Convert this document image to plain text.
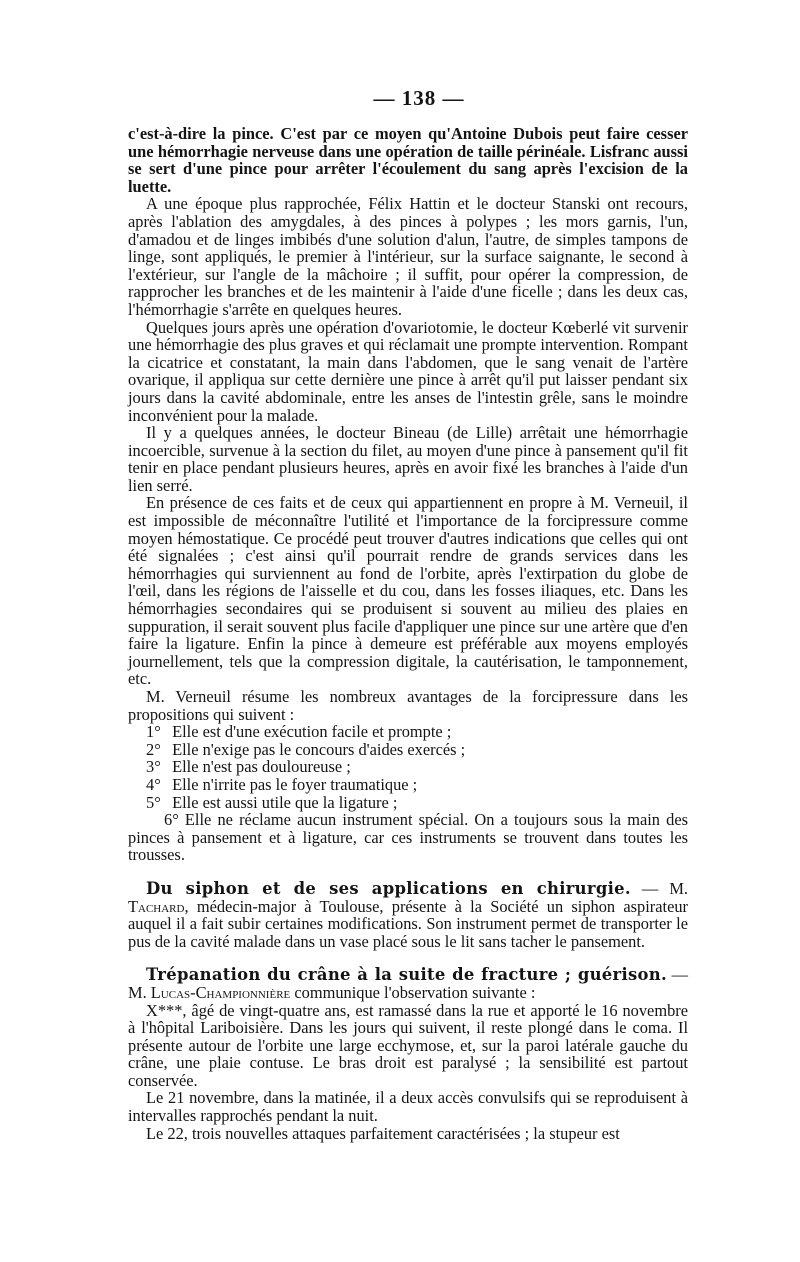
— 138 —

c'est-à-dire la pince. C'est par ce moyen qu'Antoine Dubois peut faire cesser une hémorrhagie nerveuse dans une opération de taille périnéale. Lisfranc aussi se sert d'une pince pour arrêter l'écoulement du sang après l'excision de la luette.

A une époque plus rapprochée, Félix Hattin et le docteur Stanski ont recours, après l'ablation des amygdales, à des pinces à polypes ; les mors garnis, l'un, d'amadou et de linges imbibés d'une solution d'alun, l'autre, de simples tampons de linge, sont appliqués, le premier à l'intérieur, sur la surface saignante, le second à l'extérieur, sur l'angle de la mâchoire ; il suffit, pour opérer la compression, de rapprocher les branches et de les maintenir à l'aide d'une ficelle ; dans les deux cas, l'hémorrhagie s'arrête en quelques heures.

Quelques jours après une opération d'ovariotomie, le docteur Kœberlé vit survenir une hémorrhagie des plus graves et qui réclamait une prompte intervention. Rompant la cicatrice et constatant, la main dans l'abdomen, que le sang venait de l'artère ovarique, il appliqua sur cette dernière une pince à arrêt qu'il put laisser pendant six jours dans la cavité abdominale, entre les anses de l'intestin grêle, sans le moindre inconvénient pour la malade.

Il y a quelques années, le docteur Bineau (de Lille) arrêtait une hémorrhagie incoercible, survenue à la section du filet, au moyen d'une pince à pansement qu'il fit tenir en place pendant plusieurs heures, après en avoir fixé les branches à l'aide d'un lien serré.

En présence de ces faits et de ceux qui appartiennent en propre à M. Verneuil, il est impossible de méconnaître l'utilité et l'importance de la forcipressure comme moyen hémostatique. Ce procédé peut trouver d'autres indications que celles qui ont été signalées ; c'est ainsi qu'il pourrait rendre de grands services dans les hémorrhagies qui surviennent au fond de l'orbite, après l'extirpation du globe de l'œil, dans les régions de l'aisselle et du cou, dans les fosses iliaques, etc. Dans les hémorrhagies secondaires qui se produisent si souvent au milieu des plaies en suppuration, il serait souvent plus facile d'appliquer une pince sur une artère que d'en faire la ligature. Enfin la pince à demeure est préférable aux moyens employés journellement, tels que la compression digitale, la cautérisation, le tamponnement, etc.

M. Verneuil résume les nombreux avantages de la forcipressure dans les propositions qui suivent :

1° Elle est d'une exécution facile et prompte ;

2° Elle n'exige pas le concours d'aides exercés ;

3° Elle n'est pas douloureuse ;

4° Elle n'irrite pas le foyer traumatique ;

5° Elle est aussi utile que la ligature ;

6° Elle ne réclame aucun instrument spécial. On a toujours sous la main des pinces à pansement et à ligature, car ces instruments se trouvent dans toutes les trousses.

Du siphon et de ses applications en chirurgie. — M. Tachard, médecin-major à Toulouse, présente à la Société un siphon aspirateur auquel il a fait subir certaines modifications. Son instrument permet de transporter le pus de la cavité malade dans un vase placé sous le lit sans tacher le pansement.

Trépanation du crâne à la suite de fracture ; guérison. — M. Lucas-Championnière communique l'observation suivante :

X***, âgé de vingt-quatre ans, est ramassé dans la rue et apporté le 16 novembre à l'hôpital Lariboisière. Dans les jours qui suivent, il reste plongé dans le coma. Il présente autour de l'orbite une large ecchymose, et, sur la paroi latérale gauche du crâne, une plaie contuse. Le bras droit est paralysé ; la sensibilité est partout conservée.

Le 21 novembre, dans la matinée, il a deux accès convulsifs qui se reproduisent à intervalles rapprochés pendant la nuit.

Le 22, trois nouvelles attaques parfaitement caractérisées ; la stupeur est
